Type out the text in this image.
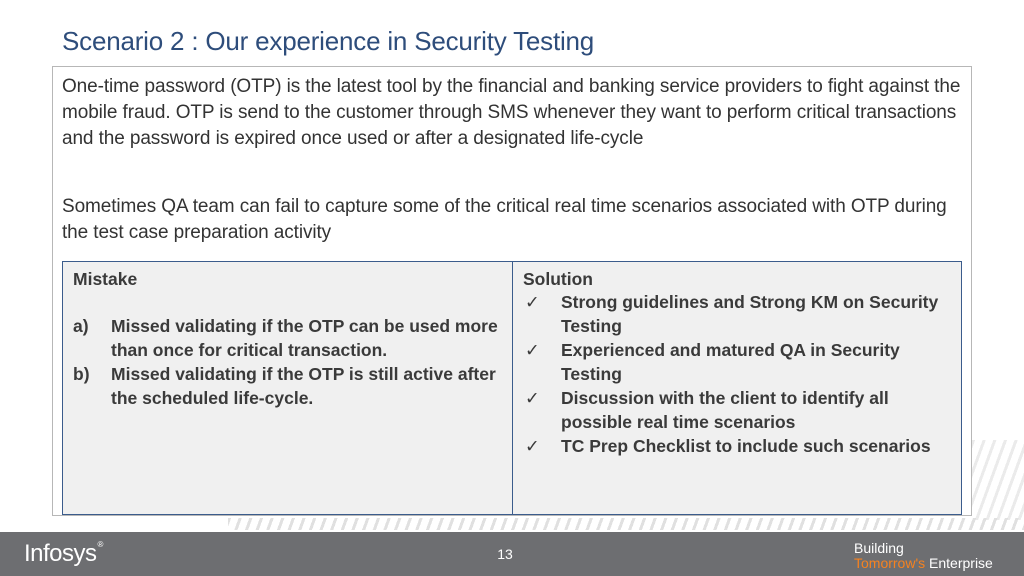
Scenario 2 : Our experience in Security Testing
One-time password (OTP) is the latest tool by the financial and banking service providers to fight against the mobile fraud. OTP is send to the customer through SMS whenever they want to perform critical transactions and the password is expired once used or after a designated life-cycle
Sometimes QA team can fail to capture some of the critical real time scenarios associated with OTP during the test case preparation activity
Mistake
a) Missed validating if the OTP can be used more than once for critical transaction.
b) Missed validating if the OTP is still active after the scheduled life-cycle.
Solution
✓ Strong guidelines and Strong KM on Security Testing
✓ Experienced and matured QA in Security Testing
✓ Discussion with the client to identify all possible real time scenarios
✓ TC Prep Checklist to include such scenarios
Infosys®
13	Building
Tomorrow's Enterprise
